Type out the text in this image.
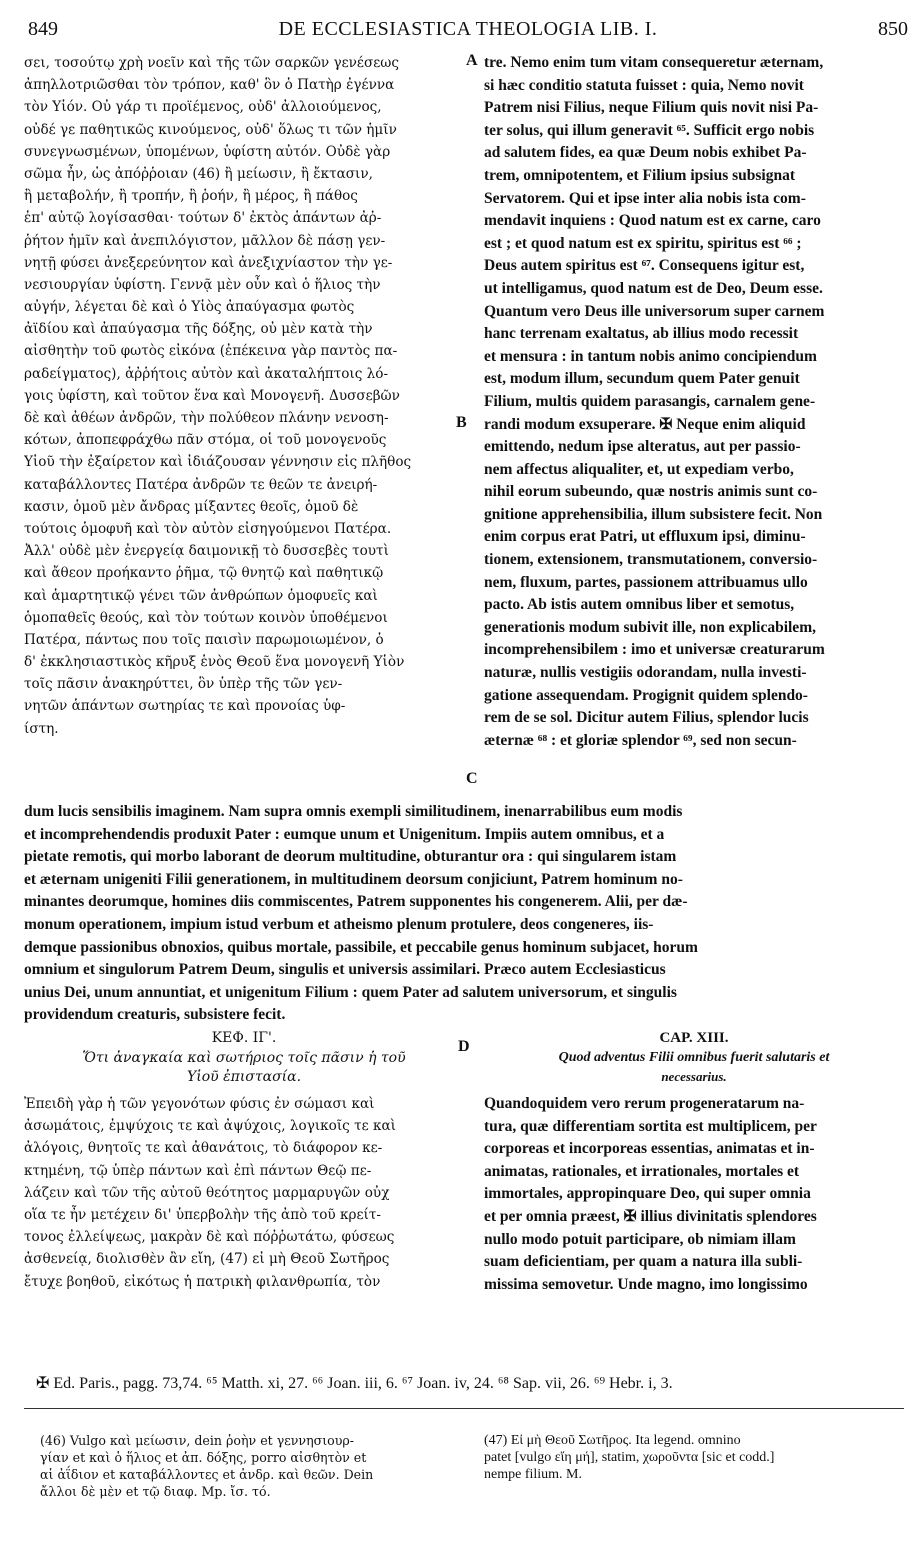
849	DE ECCLESIASTICA THEOLOGIA LIB. I.	850
σει, τοσούτῳ χρὴ νοεῖν καὶ τῆς τῶν σαρκῶν γενέσεως
ἀπηλλοτριῶσθαι τὸν τρόπον, καθ' ὃν ὁ Πατὴρ ἐγέννα
τὸν Υἱόν. Οὐ γάρ τι προϊέμενος, οὐδ' ἀλλοιούμενος,
οὐδέ γε παθητικῶς κινούμενος, οὐδ' ὅλως τι τῶν ἡμῖν
συνεγνωσμένων, ὑπομένων, ὑφίστη αὐτόν. Οὐδὲ γὰρ
σῶμα ἦν, ὡς ἀπόῤῥοιαν (46) ἢ μείωσιν, ἢ ἔκτασιν,
ἢ μεταβολήν, ἢ τροπήν, ἢ ῥοήν, ἢ μέρος, ἢ πάθος
ἐπ' αὐτῷ λογίσασθαι· τούτων δ' ἐκτὸς ἁπάντων ἀῤ-
ῥήτον ἡμῖν καὶ ἀνεπιλόγιστον, μᾶλλον δὲ πάσῃ γεν-
νητῇ φύσει ἀνεξερεύνητον καὶ ἀνεξιχνίαστον τὴν γε-
νεσιουργίαν ὑφίστη. Γεννᾷ μὲν οὖν καὶ ὁ ἥλιος τὴν
αὐγήν, λέγεται δὲ καὶ ὁ Υἱὸς ἀπαύγασμα φωτὸς
ἀϊδίου καὶ ἀπαύγασμα τῆς δόξης, οὐ μὲν κατὰ τὴν
αἰσθητὴν τοῦ φωτὸς εἰκόνα (ἐπέκεινα γὰρ παντὸς πα-
ραδείγματος), ἀῤῥήτοις αὐτὸν καὶ ἀκαταλήπτοις λό-
γοις ὑφίστη, καὶ τοῦτον ἕνα καὶ Μονογενῆ. Δυσσεβῶν
δὲ καὶ ἀθέων ἀνδρῶν, τὴν πολύθεον πλάνην νενοση-
κότων, ἀποπεφράχθω πᾶν στόμα, οἱ τοῦ μονογενοῦς
Υἱοῦ τὴν ἐξαίρετον καὶ ἰδιάζουσαν γέννησιν εἰς πλῆθος
καταβάλλοντες Πατέρα ἀνδρῶν τε θεῶν τε ἀνειρή-
κασιν, ὁμοῦ μὲν ἄνδρας μίξαντες θεοῖς, ὁμοῦ δὲ
τούτοις ὁμοφυῆ καὶ τὸν αὐτὸν εἰσηγούμενοι Πατέρα.
Ἀλλ' οὐδὲ μὲν ἐνεργείᾳ δαιμονικῇ τὸ δυσσεβὲς τουτὶ
καὶ ἄθεον προήκαντο ῥῆμα, τῷ θνητῷ καὶ παθητικῷ
καὶ ἁμαρτητικῷ γένει τῶν ἀνθρώπων ὁμοφυεῖς καὶ
ὁμοπαθεῖς θεούς, καὶ τὸν τούτων κοινὸν ὑποθέμενοι
Πατέρα, πάντως που τοῖς παισὶν παρωμοιωμένον, ὁ
δ' ἐκκλησιαστικὸς κῆρυξ ἑνὸς Θεοῦ ἕνα μονογενῆ Υἱὸν
τοῖς πᾶσιν ἀνακηρύττει, ὃν ὑπὲρ τῆς τῶν γεν-
νητῶν ἁπάντων σωτηρίας τε καὶ προνοίας ὑφ-
ίστη.
tre. Nemo enim tum vitam consequeretur æternam,
si hæc conditio statuta fuisset : quia, Nemo novit
Patrem nisi Filius, neque Filium quis novit nisi Pa-
ter solus, qui illum generavit ⁶⁵. Sufficit ergo nobis
ad salutem fides, ea quæ Deum nobis exhibet Pa-
trem, omnipotentem, et Filium ipsius subsignat
Servatorem. Qui et ipse inter alia nobis ista com-
mendavit inquiens : Quod natum est ex carne, caro
est ; et quod natum est ex spiritu, spiritus est ⁶⁶ ;
Deus autem spiritus est ⁶⁷. Consequens igitur est,
ut intelligamus, quod natum est de Deo, Deum esse.
Quantum vero Deus ille universorum super carnem
hanc terrenam exaltatus, ab illius modo recessit
et mensura : in tantum nobis animo concipiendum
est, modum illum, secundum quem Pater genuit
Filium, multis quidem parasangis, carnalem gene-
randi modum exsuperare. ✠ Neque enim aliquid
emittendo, nedum ipse alteratus, aut per passio-
nem affectus aliqualiter, et, ut expediam verbo,
nihil eorum subeundo, quæ nostris animis sunt co-
gnitione apprehensibilia, illum subsistere fecit. Non
enim corpus erat Patri, ut effluxum ipsi, diminu-
tionem, extensionem, transmutationem, conversio-
nem, fluxum, partes, passionem attribuamus ullo
pacto. Ab istis autem omnibus liber et semotus,
generationis modum subivit ille, non explicabilem,
incomprehensibilem : imo et universæ creaturarum
naturæ, nullis vestigiis odorandam, nulla investi-
gatione assequendam. Progignit quidem splendo-
rem de se sol. Dicitur autem Filius, splendor lucis
æternæ ⁶⁸ : et gloriæ splendor ⁶⁹, sed non secun-
A
B
C
D
dum lucis sensibilis imaginem. Nam supra omnis exempli similitudinem, inenarrabilibus eum modis
et incomprehendendis produxit Pater : eumque unum et Unigenitum. Impiis autem omnibus, et a
pietate remotis, qui morbo laborant de deorum multitudine, obturantur ora : qui singularem istam
et æternam unigeniti Filii generationem, in multitudinem deorsum conjiciunt, Patrem hominum no-
minantes deorumque, homines diis commiscentes, Patrem supponentes his congenerem. Alii, per dæ-
monum operationem, impium istud verbum et atheismo plenum protulere, deos congeneres, iis-
demque passionibus obnoxios, quibus mortale, passibile, et peccabile genus hominum subjacet, horum
omnium et singulorum Patrem Deum, singulis et universis assimilari. Præco autem Ecclesiasticus
unius Dei, unum annuntiat, et unigenitum Filium : quem Pater ad salutem universorum, et singulis
providendum creaturis, subsistere fecit.
ΚΕΦ. ΙΓ'.
Ὅτι ἀναγκαία καὶ σωτήριος τοῖς πᾶσιν ἡ τοῦ
Υἱοῦ ἐπιστασία.
CAP. XIII.
Quod adventus Filii omnibus fuerit salutaris et
necessarius.
Ἐπειδὴ γὰρ ἡ τῶν γεγονότων φύσις ἐν σώμασι καὶ
ἀσωμάτοις, ἐμψύχοις τε καὶ ἀψύχοις, λογικοῖς τε καὶ
ἀλόγοις, θνητοῖς τε καὶ ἀθανάτοις, τὸ διάφορον κε-
κτημένη, τῷ ὑπὲρ πάντων καὶ ἐπὶ πάντων Θεῷ πε-
λάζειν καὶ τῶν τῆς αὐτοῦ θεότητος μαρμαρυγῶν οὐχ
οἵα τε ἦν μετέχειν δι' ὑπερβολὴν τῆς ἀπὸ τοῦ κρείτ-
τονος ἐλλείψεως, μακρὰν δὲ καὶ πόῤῥωτάτω, φύσεως
ἀσθενείᾳ, διολισθὲν ἂν εἴη, (47) εἰ μὴ Θεοῦ Σωτῆρος
ἔτυχε βοηθοῦ, εἰκότως ἡ πατρικὴ φιλανθρωπία, τὸν
Quandoquidem vero rerum progeneratarum na-
tura, quæ differentiam sortita est multiplicem, per
corporeas et incorporeas essentias, animatas et in-
animatas, rationales, et irrationales, mortales et
immortales, appropinquare Deo, qui super omnia
et per omnia præest, ✠ illius divinitatis splendores
nullo modo potuit participare, ob nimiam illam
suam deficientiam, per quam a natura illa subli-
missima semovetur. Unde magno, imo longissimo
✠ Ed. Paris., pagg. 73,74. ⁶⁵ Matth. xi, 27. ⁶⁶ Joan. iii, 6. ⁶⁷ Joan. iv, 24. ⁶⁸ Sap. vii, 26. ⁶⁹ Hebr. i, 3.
(46) Vulgo καὶ μείωσιν, dein ῥοὴν et γεννησιουρ-
γίαν et καὶ ὁ ἥλιος et ἀπ. δόξης, porro αἰσθητὸν et
αἱ ἀΐδιον et καταβάλλοντες et ἀνδρ. καὶ θεῶν. Dein
ἄλλοι δὲ μὲν et τῷ διαφ. Mp. ἴσ. τό.
(47) Εἰ μὴ Θεοῦ Σωτῆρος. Ita legend. omnino
patet [vulgo εἴη μή], statim, χωροῦντα [sic et codd.]
nempe filium. M.
